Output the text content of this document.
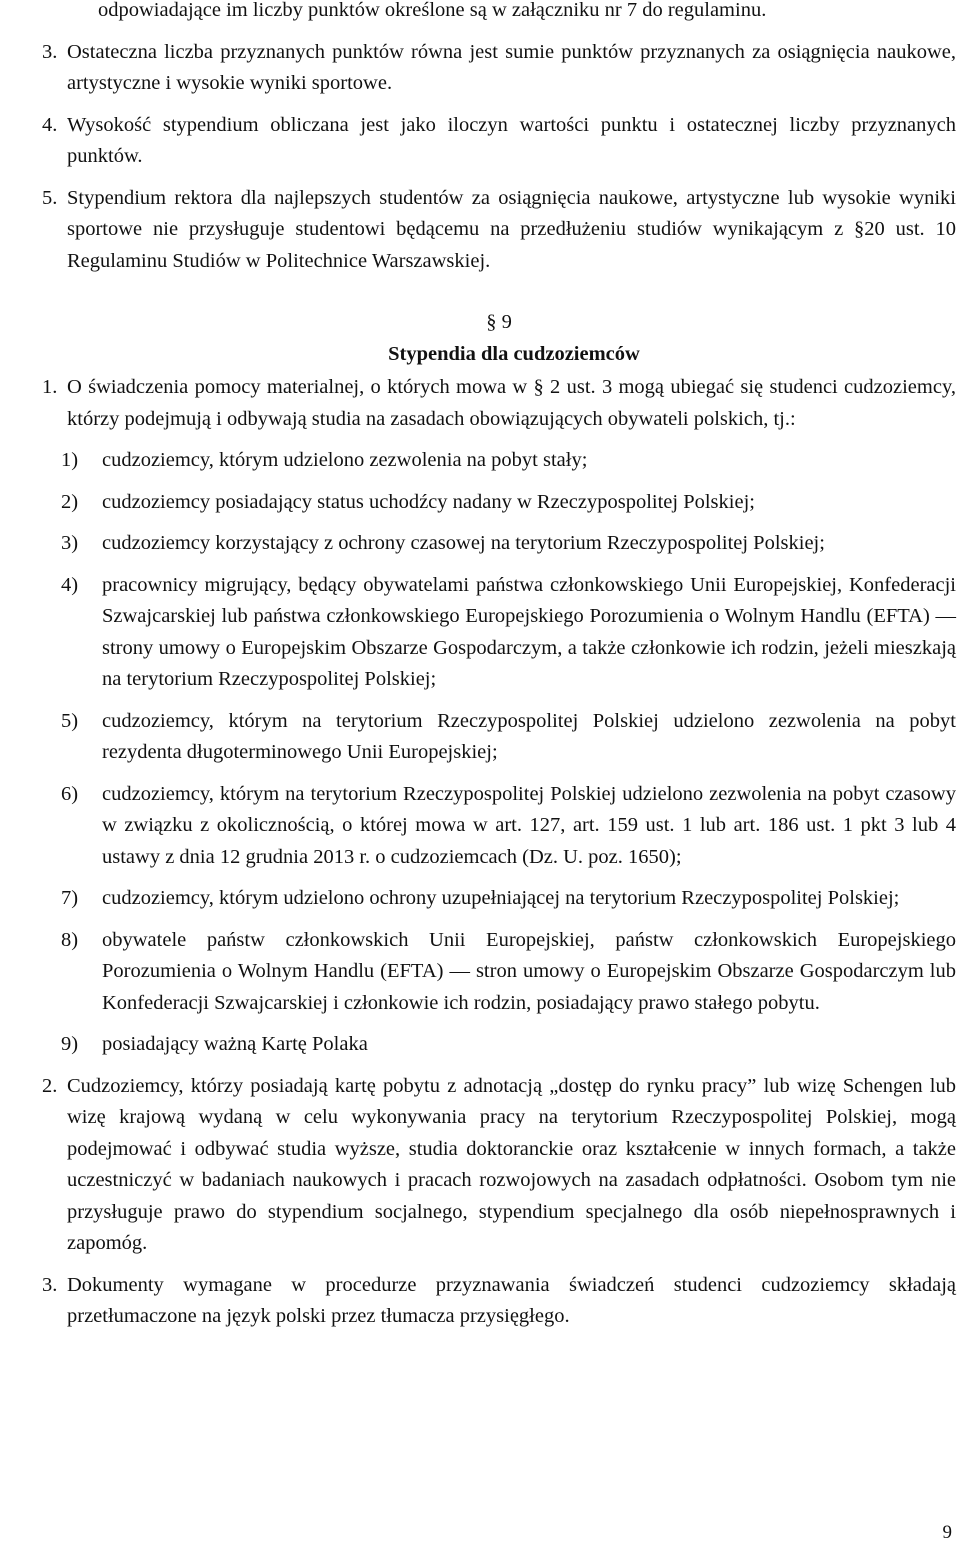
odpowiadające im liczby punktów określone są w załączniku nr 7 do regulaminu.

3. Ostateczna liczba przyznanych punktów równa jest sumie punktów przyznanych za osiągnięcia naukowe, artystyczne i wysokie wyniki sportowe.
4. Wysokość stypendium obliczana jest jako iloczyn wartości punktu i ostatecznej liczby przyznanych punktów.
5. Stypendium rektora dla najlepszych studentów za osiągnięcia naukowe, artystyczne lub wysokie wyniki sportowe nie przysługuje studentowi będącemu na przedłużeniu studiów wynikającym z §20 ust. 10 Regulaminu Studiów w Politechnice Warszawskiej.
§ 9
Stypendia dla cudzoziemców
1. O świadczenia pomocy materialnej, o których mowa w § 2 ust. 3 mogą ubiegać się studenci cudzoziemcy, którzy podejmują i odbywają studia na zasadach obowiązujących obywateli polskich, tj.:
1) cudzoziemcy, którym udzielono zezwolenia na pobyt stały;
2) cudzoziemcy posiadający status uchodźcy nadany w Rzeczypospolitej Polskiej;
3) cudzoziemcy korzystający z ochrony czasowej na terytorium Rzeczypospolitej Polskiej;
4) pracownicy migrujący, będący obywatelami państwa członkowskiego Unii Europejskiej, Konfederacji Szwajcarskiej lub państwa członkowskiego Europejskiego Porozumienia o Wolnym Handlu (EFTA) — strony umowy o Europejskim Obszarze Gospodarczym, a także członkowie ich rodzin, jeżeli mieszkają na terytorium Rzeczypospolitej Polskiej;
5) cudzoziemcy, którym na terytorium Rzeczypospolitej Polskiej udzielono zezwolenia na pobyt rezydenta długoterminowego Unii Europejskiej;
6) cudzoziemcy, którym na terytorium Rzeczypospolitej Polskiej udzielono zezwolenia na pobyt czasowy w związku z okolicznością, o której mowa w art. 127, art. 159 ust. 1 lub art. 186 ust. 1 pkt 3 lub 4 ustawy z dnia 12 grudnia 2013 r. o cudzoziemcach (Dz. U. poz. 1650);
7) cudzoziemcy, którym udzielono ochrony uzupełniającej na terytorium Rzeczypospolitej Polskiej;
8) obywatele państw członkowskich Unii Europejskiej, państw członkowskich Europejskiego Porozumienia o Wolnym Handlu (EFTA) — stron umowy o Europejskim Obszarze Gospodarczym lub Konfederacji Szwajcarskiej i członkowie ich rodzin, posiadający prawo stałego pobytu.
9) posiadający ważną Kartę Polaka
2. Cudzoziemcy, którzy posiadają kartę pobytu z adnotacją „dostęp do rynku pracy” lub wizę Schengen lub wizę krajową wydaną w celu wykonywania pracy na terytorium Rzeczypospolitej Polskiej, mogą podejmować i odbywać studia wyższe, studia doktoranckie oraz kształcenie w innych formach, a także uczestniczyć w badaniach naukowych i pracach rozwojowych na zasadach odpłatności. Osobom tym nie przysługuje prawo do stypendium socjalnego, stypendium specjalnego dla osób niepełnosprawnych i zapomóg.
3. Dokumenty wymagane w procedurze przyznawania świadczeń studenci cudzoziemcy składają przetłumaczone na język polski przez tłumacza przysięgłego.
9
